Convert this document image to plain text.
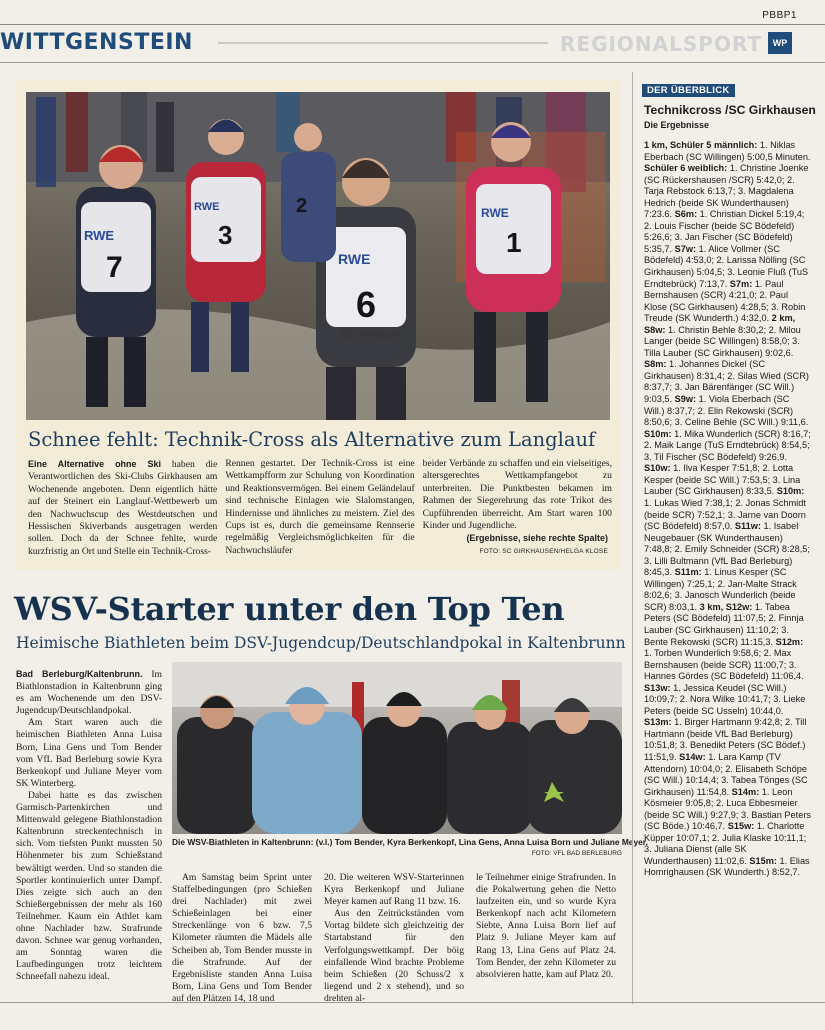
PBBP1
WITTGENSTEIN	REGIONALSPORT	WP
RWE
RWE
RWE
RWE
7
3
6
2
1
SC Girkhausen
Schnee fehlt: Technik-Cross als Alternative zum Langlauf
Eine Alternative ohne Ski haben die Verantwortlichen des Ski-Clubs Girkhausen am Wochenende angeboten. Denn eigentlich hätte auf der Steinert ein Langlauf-Wettbewerb um den Nachwuchscup des Westdeutschen und Hessischen Skiverbands ausgetragen werden sollen. Doch da der Schnee fehlte, wurde kurzfristig an Ort und Stelle ein Technik-Cross-
Rennen gestartet. Der Technik-Cross ist eine Wettkampfform zur Schulung von Koordination und Reaktionsvermögen. Bei einem Geländelauf sind technische Einlagen wie Slalomstangen, Hindernisse und ähnliches zu meistern. Ziel des Cups ist es, durch die gemeinsame Rennserie regelmäßig Vergleichsmöglichkeiten für die Nachwuchsläufer
beider Verbände zu schaffen und ein vielseitiges, altersgerechtes Wettkampfangebot zu unterbreiten. Die Punktbesten bekamen im Rahmen der Siegerehrung das rote Trikot des Cupführenden überreicht. Am Start waren 100 Kinder und Jugendliche.
(Ergebnisse, siehe rechte Spalte)
FOTO: SC GIRKHAUSEN/HELGA KLOSE
WSV-Starter unter den Top Ten
Heimische Biathleten beim DSV-Jugendcup/Deutschlandpokal in Kaltenbrunn

Bad Berleburg/Kaltenbrunn. Im Biathlonstadion in Kaltenbrunn ging es am Wochenende um den DSV-Jugendcup/Deutschlandpokal.

Am Start waren auch die heimischen Biathleten Anna Luisa Born, Lina Gens und Tom Bender vom VfL Bad Berleburg sowie Kyra Berkenkopf und Juliane Meyer vom SK Winterberg.

Dabei hatte es das zwischen Garmisch-Partenkirchen und Mittenwald gelegene Biathlonstadion Kaltenbrunn streckentechnisch in sich. Vom tiefsten Punkt mussten 50 Höhenmeter bis zum Schießstand bewältigt werden. Und so standen die Sportler kontinuierlich unter Dampf. Dies zeigte sich auch an den Schießergebnissen der mehr als 160 Teilnehmer. Kaum ein Athlet kam ohne Nachlader bzw. Strafrunde davon. Schnee war genug vorhanden, am Sonntag waren die Laufbedingungen trotz leichtem Schneefall nahezu ideal.

Die WSV-Biathleten in Kaltenbrunn: (v.l.) Tom Bender, Kyra Berkenkopf, Lina Gens, Anna Luisa Born und Juliane Meyer.
FOTO: VFL BAD BERLEBURG

Am Samstag beim Sprint unter Staffelbedingungen (pro Schießen drei Nachlader) mit zwei Schießeinlagen bei einer Streckenlänge von 6 bzw. 7,5 Kilometer räumten die Mädels alle Scheiben ab, Tom Bender musste in die Strafrunde. Auf der Ergebnisliste standen Anna Luisa Born, Lina Gens und Tom Bender auf den Plätzen 14, 18 und

20. Die weiteren WSV-Starterinnen Kyra Berkenkopf und Juliane Meyer kamen auf Rang 11 bzw. 16.

Aus den Zeitrückständen vom Vortag bildete sich gleichzeitig der Startabstand für den Verfolgungswettkampf. Der böig einfallende Wind brachte Probleme beim Schießen (20 Schuss/2 x liegend und 2 x stehend), und so drehten al-

le Teilnehmer einige Strafrunden. In die Pokalwertung gehen die Netto laufzeiten ein, und so wurde Kyra Berkenkopf nach acht Kilometern Siebte, Anna Luisa Born lief auf Platz 9. Juliane Meyer kam auf Rang 13, Lina Gens auf Platz 24. Tom Bender, der zehn Kilometer zu absolvieren hatte, kam auf Platz 20.

DER ÜBERBLICK
Technikcross /SC Girkhausen
Die Ergebnisse
1 km, Schüler 5 männlich: 1. Niklas Eberbach (SC Willingen) 5:00,5 Minuten. Schüler 6 weiblich: 1. Christine Joenke (SC Rückershausen /SCR) 5:42,0; 2. Tarja Rebstock 6:13,7; 3. Magdalena Hedrich (beide SK Wunderthausen) 7:23.6. S6m: 1. Christian Dickel 5:19,4; 2. Louis Fischer (beide SC Bödefeld) 5:26,6; 3. Jan Fischer (SC Bödefeld) 5:35,7. S7w: 1. Alice Vollmer (SC Bödefeld) 4:53,0; 2. Larissa Nölling (SC Girkhausen) 5:04,5; 3. Leonie Fluß (TuS Erndtebrück) 7:13,7. S7m: 1. Paul Bernshausen (SCR) 4:21,0; 2. Paul Klose (SC Girkhausen) 4:28,5; 3. Robin Treude (SK Wunderth.) 4:32,0. 2 km, S8w: 1. Christin Behle 8:30,2; 2. Milou Langer (beide SC Willingen) 8:58,0; 3. Tilla Lauber (SC Girkhausen) 9:02,6. S8m: 1. Johannes Dickel (SC Girkhausen) 8:31,4; 2. Silas Wied (SCR) 8:37,7; 3. Jan Bärenfänger (SC Will.) 9:03,5. S9w: 1. Viola Eberbach (SC Will.) 8:37,7; 2. Elin Rekowski (SCR) 8:50,6; 3. Celine Behle (SC Will.) 9:11,6. S10m: 1. Mika Wunderlich (SCR) 8:16,7; 2. Maik Lange (TuS Erndtebrück) 8:54,5; 3. Til Fischer (SC Bödefeld) 9:26,9. S10w: 1. Ilva Kesper 7:51,8; 2. Lotta Kesper (beide SC Will.) 7:53,5; 3. Lina Lauber (SC Girkhausen) 8:33,5. S10m: 1. Lukas Wied 7:38,1; 2. Jonas Schmidt (beide SCR) 7:52,1; 3. Jarne van Doorn (SC Bödefeld) 8:57,0. S11w: 1. Isabel Neugebauer (SK Wunderthausen) 7:48,8; 2. Emily Schneider (SCR) 8:28,5; 3. Lilli Bultmann (VfL Bad Berleburg) 8:45,3. S11m: 1. Linus Kesper (SC Willingen) 7:25,1; 2. Jan-Malte Strack 8:02,6; 3. Janosch Wunderlich (beide SCR) 8:03,1. 3 km, S12w: 1. Tabea Peters (SC Bödefeld) 11:07,5; 2. Finnja Lauber (SC Girkhausen) 11:10,2; 3. Bente Rekowski (SCR) 11:15,3. S12m: 1. Torben Wunderlich 9:58,6; 2. Max Bernshausen (beide SCR) 11:00,7; 3. Hannes Gördes (SC Bödefeld) 11:06,4. S13w: 1. Jessica Keudel (SC Will.) 10:09,7; 2. Nora Wilke 10:41,7; 3. Lieke Peters (beide SC Usseln) 10:44,0. S13m: 1. Birger Hartmann 9:42,8; 2. Till Hartmann (beide VfL Bad Berleburg) 10:51,8; 3. Benedikt Peters (SC Bödef.) 11:51,9. S14w: 1. Lara Kamp (TV Attendorn) 10:04,0; 2. Elisabeth Schöpe (SC Will.) 10:14,4; 3. Tabea Tönges (SC Girkhausen) 11:54,8. S14m: 1. Leon Kösmeier 9:05,8; 2. Luca Ebbesmeier (beide SC Will.) 9:27,9; 3. Bastian Peters (SC Böde.) 10:46,7. S15w: 1. Charlotte Küpper 10:07,1; 2. Julia Klaske 10:11,1; 3. Juliana Dienst (alle SK Wunderthausen) 11:02,6. S15m: 1. Elias Homrighausen (SK Wunderth.) 8:52,7.
